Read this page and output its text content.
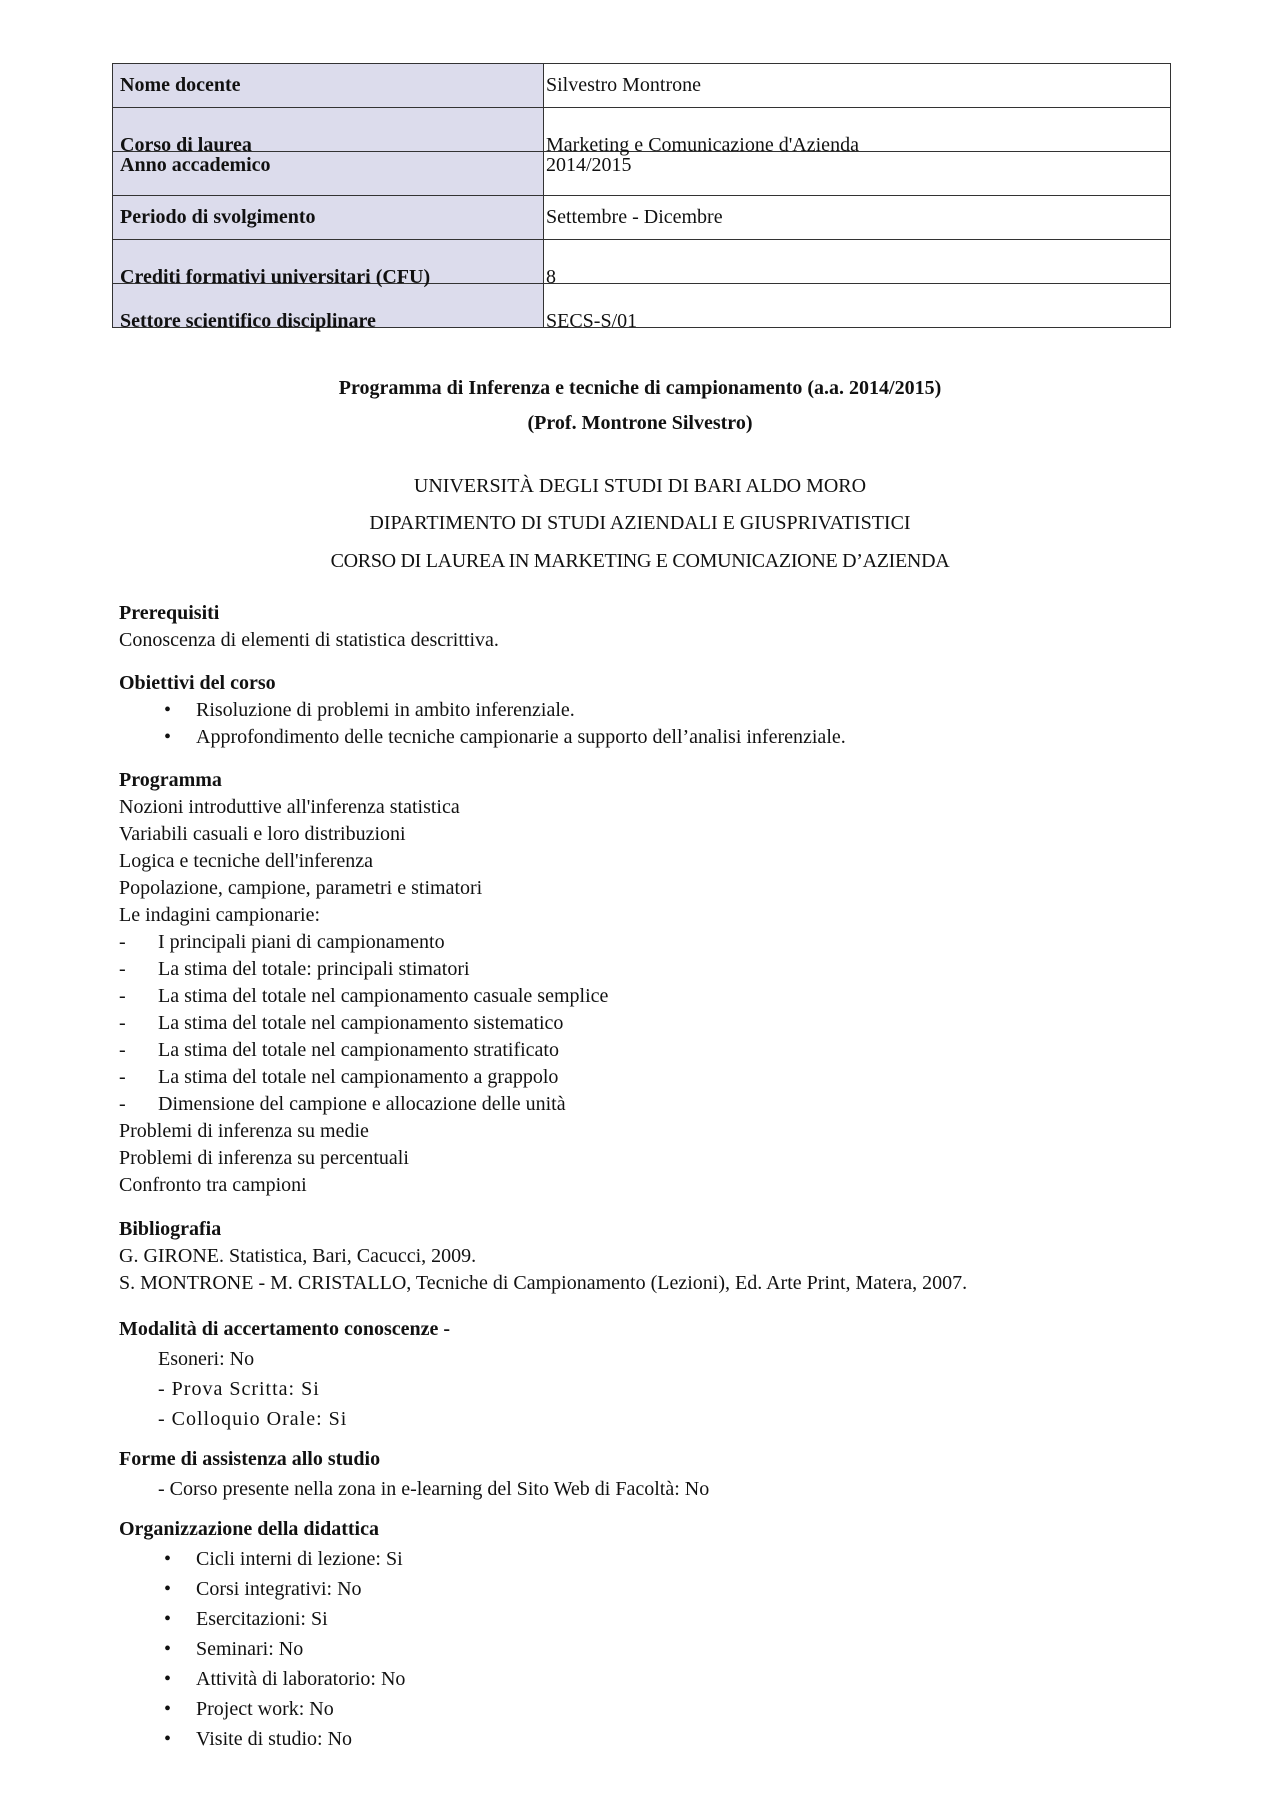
Nome docente	Silvestro Montrone
Corso di laurea	Marketing e Comunicazione d'Azienda
Anno accademico	2014/2015
Periodo di svolgimento	Settembre - Dicembre
Crediti formativi universitari (CFU)	8
Settore scientifico disciplinare	SECS-S/01
Programma di Inferenza e tecniche di campionamento (a.a. 2014/2015)
(Prof. Montrone Silvestro)
UNIVERSITÀ DEGLI STUDI DI BARI ALDO MORO
DIPARTIMENTO DI STUDI AZIENDALI E GIUSPRIVATISTICI
CORSO DI LAUREA IN MARKETING E COMUNICAZIONE D’AZIENDA
Prerequisiti
Conoscenza di elementi di statistica descrittiva.
Obiettivi del corso
• Risoluzione di problemi in ambito inferenziale.
• Approfondimento delle tecniche campionarie a supporto dell’analisi inferenziale.
Programma
Nozioni introduttive all'inferenza statistica
Variabili casuali e loro distribuzioni
Logica e tecniche dell'inferenza
Popolazione, campione, parametri e stimatori
Le indagini campionarie:
- I principali piani di campionamento
- La stima del totale: principali stimatori
- La stima del totale nel campionamento casuale semplice
- La stima del totale nel campionamento sistematico
- La stima del totale nel campionamento stratificato
- La stima del totale nel campionamento a grappolo
- Dimensione del campione e allocazione delle unità
Problemi di inferenza su medie
Problemi di inferenza su percentuali
Confronto tra campioni
Bibliografia
G. GIRONE. Statistica, Bari, Cacucci, 2009.
S. MONTRONE - M. CRISTALLO, Tecniche di Campionamento (Lezioni), Ed. Arte Print, Matera, 2007.
Modalità di accertamento conoscenze -
Esoneri: No
- Prova Scritta: Si
- Colloquio Orale: Si
Forme di assistenza allo studio
- Corso presente nella zona in e-learning del Sito Web di Facoltà: No
Organizzazione della didattica
• Cicli interni di lezione: Si
• Corsi integrativi: No
• Esercitazioni: Si
• Seminari: No
• Attività di laboratorio: No
• Project work: No
• Visite di studio: No
